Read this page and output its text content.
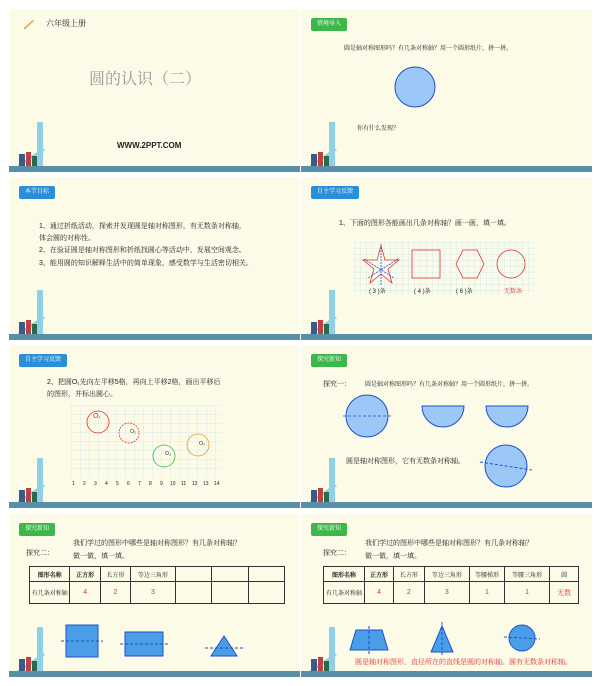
六年级上册
圆的认识（二）
WWW.2PPT.COM
情境导入
圆是轴对称图形吗？有几条对称轴？用一个圆形纸片，拼一拼。
你有什么发现？
本节目标
1、通过折纸活动，探索并发现圆是轴对称图形，有无数条对称轴，
体会圆的对称性。
2、在验证圆是轴对称图形和折纸找圆心等活动中，发展空间观念。
3、能用圆的知识解释生活中的简单现象，感受数学与生活密切相关。
自主学习反馈
1、下面的图形各能画出几条对称轴？画一画，填一填。
( 3 )条	( 4 )条	( 6 )条	无数条
自主学习反馈
2、把圆O₁先向左平移5格，再向上平移2格，画出平移后
的图形，并标出圆心。
O₁
O₂
O₃
O₄
1 2 3 4 5 6 7 8 9 10 11 12 13 14
探究新知
探究一： 圆是轴对称图形吗？有几条对称轴？用一个圆形纸片，拼一拼。
圆是轴对称图形，它有无数条对称轴。
探究新知
我们学过的图形中哪些是轴对称图形？有几条对称轴？
探究二：	做一做，填一填。
图形名称	正方形	长方形	等边三角形			
有几条对称轴	4	2	3			
探究新知
我们学过的图形中哪些是轴对称图形？有几条对称轴？
探究二： 做一做，填一填。
图形名称	正方形	长方形	等边三角形	等腰梯形	等腰三角形	圆
有几条对称轴	4	2	3	1	1	无数
圆是轴对称图形，直径所在的直线是圆的对称轴。圆有无数条对称轴。
